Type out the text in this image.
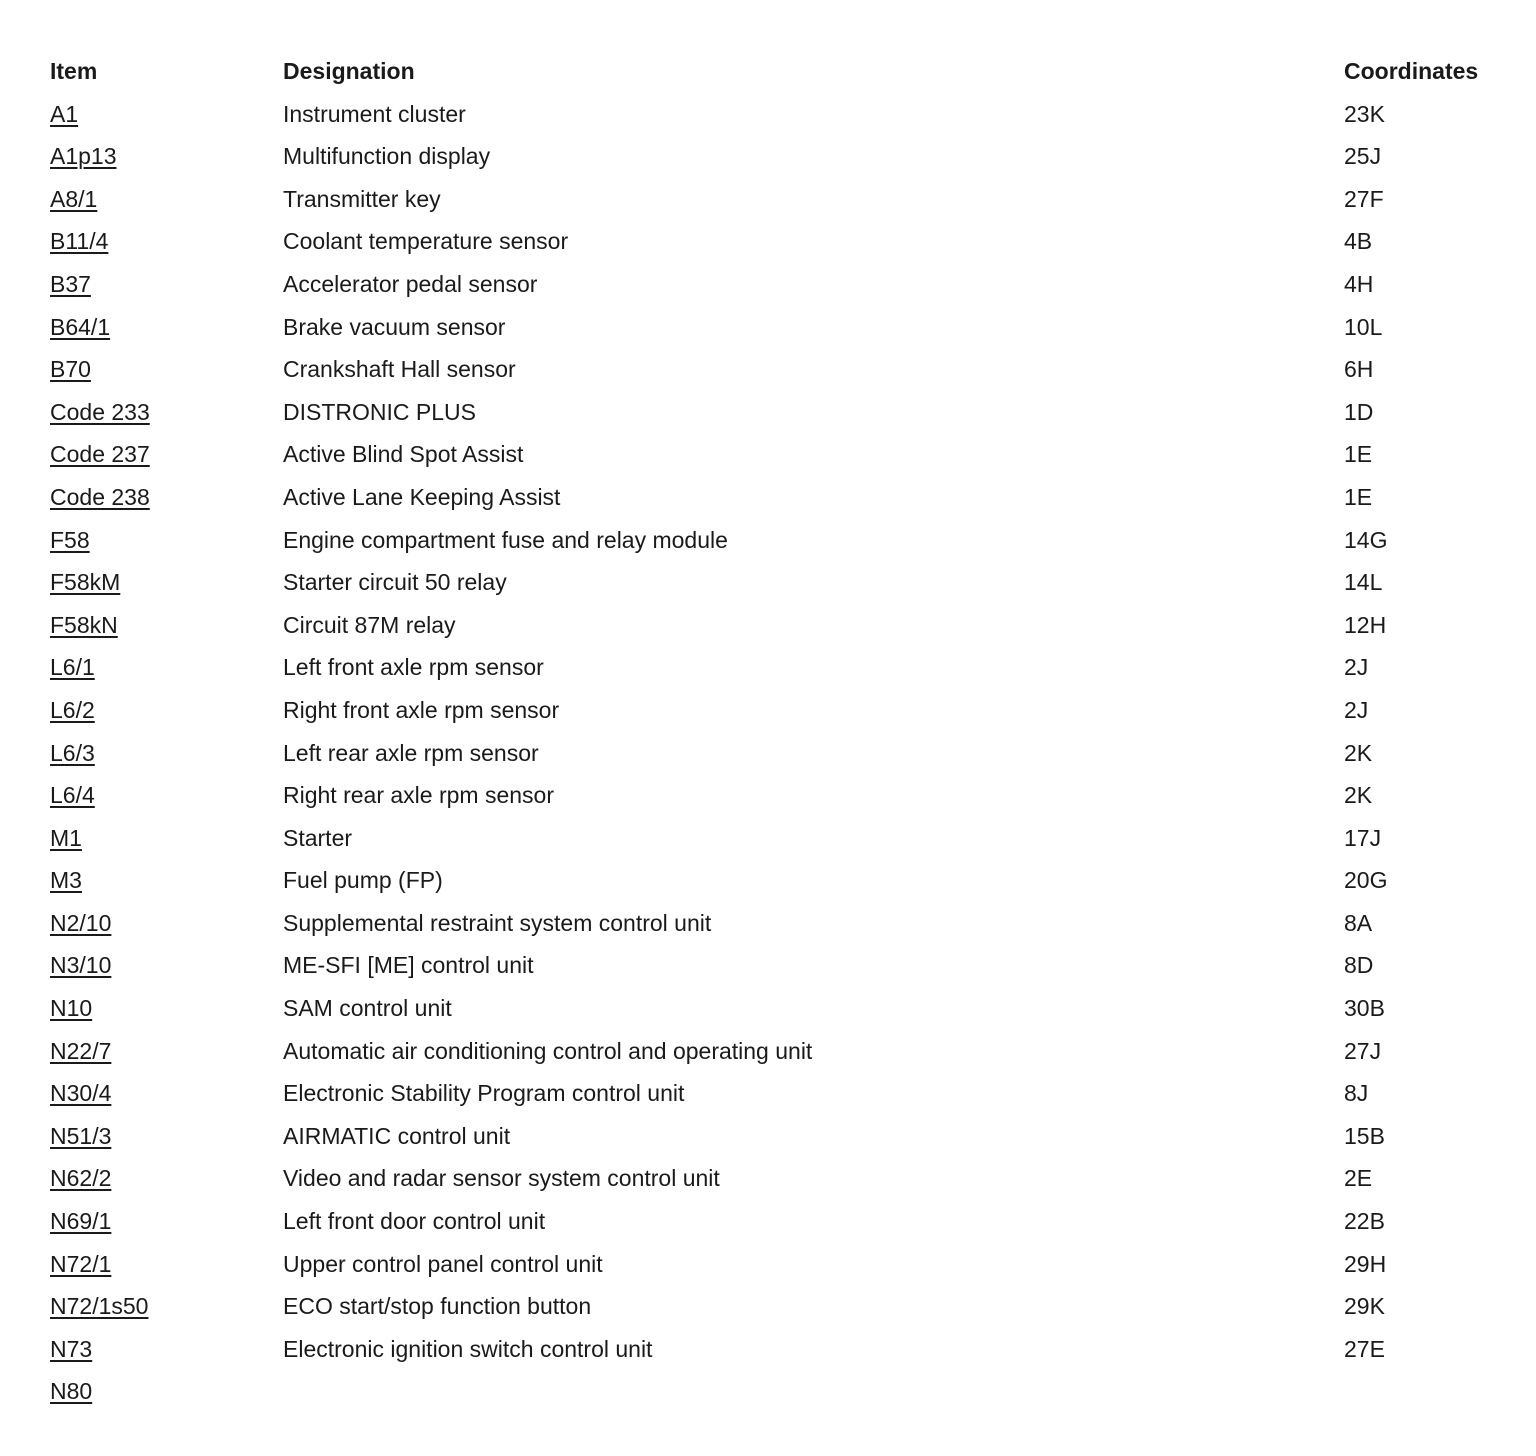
Item	Designation	Coordinates
A1	Instrument cluster	23K
A1p13	Multifunction display	25J
A8/1	Transmitter key	27F
B11/4	Coolant temperature sensor	4B
B37	Accelerator pedal sensor	4H
B64/1	Brake vacuum sensor	10L
B70	Crankshaft Hall sensor	6H
Code 233	DISTRONIC PLUS	1D
Code 237	Active Blind Spot Assist	1E
Code 238	Active Lane Keeping Assist	1E
F58	Engine compartment fuse and relay module	14G
F58kM	Starter circuit 50 relay	14L
F58kN	Circuit 87M relay	12H
L6/1	Left front axle rpm sensor	2J
L6/2	Right front axle rpm sensor	2J
L6/3	Left rear axle rpm sensor	2K
L6/4	Right rear axle rpm sensor	2K
M1	Starter	17J
M3	Fuel pump (FP)	20G
N2/10	Supplemental restraint system control unit	8A
N3/10	ME-SFI [ME] control unit	8D
N10	SAM control unit	30B
N22/7	Automatic air conditioning control and operating unit	27J
N30/4	Electronic Stability Program control unit	8J
N51/3	AIRMATIC control unit	15B
N62/2	Video and radar sensor system control unit	2E
N69/1	Left front door control unit	22B
N72/1	Upper control panel control unit	29H
N72/1s50	ECO start/stop function button	29K
N73	Electronic ignition switch control unit	27E
N80
